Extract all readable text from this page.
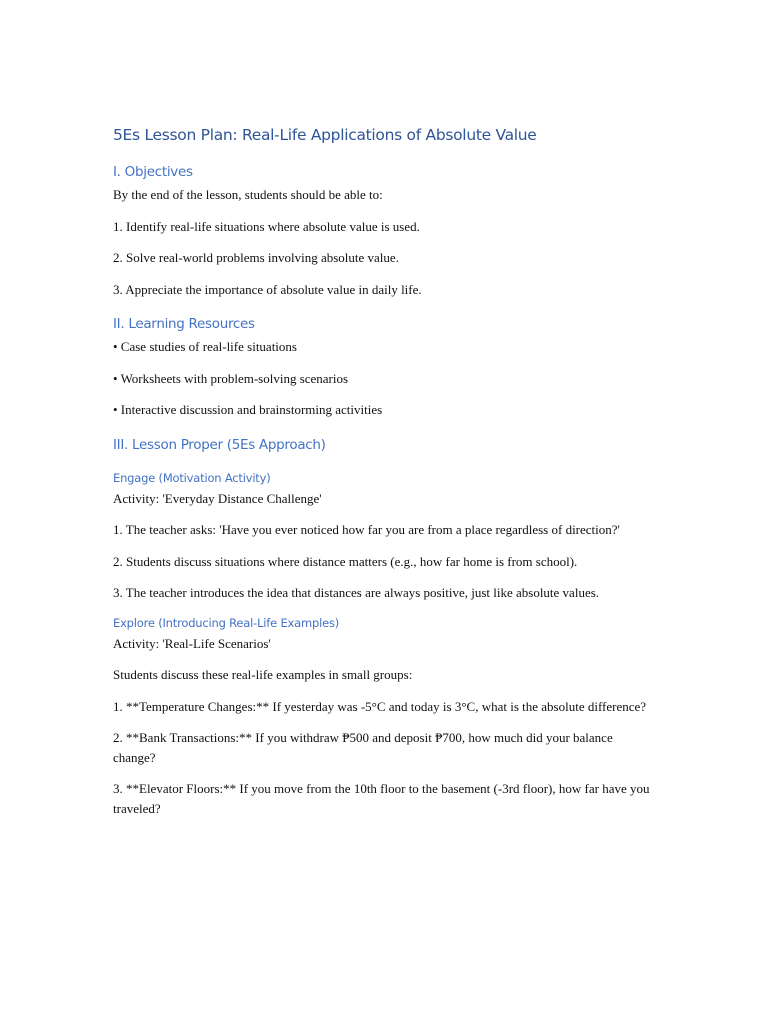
5Es Lesson Plan: Real-Life Applications of Absolute Value
I. Objectives
By the end of the lesson, students should be able to:
1. Identify real-life situations where absolute value is used.
2. Solve real-world problems involving absolute value.
3. Appreciate the importance of absolute value in daily life.
II. Learning Resources
• Case studies of real-life situations
• Worksheets with problem-solving scenarios
• Interactive discussion and brainstorming activities
III. Lesson Proper (5Es Approach)
Engage (Motivation Activity)
Activity: 'Everyday Distance Challenge'
1. The teacher asks: 'Have you ever noticed how far you are from a place regardless of direction?'
2. Students discuss situations where distance matters (e.g., how far home is from school).
3. The teacher introduces the idea that distances are always positive, just like absolute values.
Explore (Introducing Real-Life Examples)
Activity: 'Real-Life Scenarios'
Students discuss these real-life examples in small groups:
1. **Temperature Changes:** If yesterday was -5°C and today is 3°C, what is the absolute difference?
2. **Bank Transactions:** If you withdraw ₱500 and deposit ₱700, how much did your balance change?
3. **Elevator Floors:** If you move from the 10th floor to the basement (-3rd floor), how far have you traveled?
